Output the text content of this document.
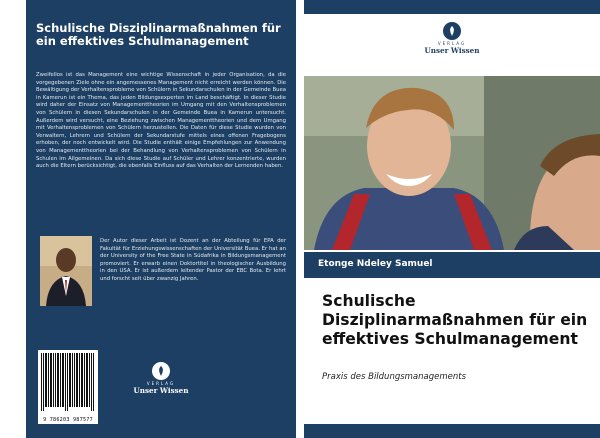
Schulische Disziplinarmaßnahmen für ein effektives Schulmanagement

Zweifellos ist das Management eine wichtige Wissenschaft in jeder Organisation, da die vorgegebenen Ziele ohne ein angemessenes Management nicht erreicht werden können. Die Bewältigung der Verhaltensprobleme von Schülern in Sekundarschulen in der Gemeinde Buea in Kamerun ist ein Thema, das jeden Bildungsexperten im Land beschäftigt. In dieser Studie wird daher der Einsatz von Managementtheorien im Umgang mit den Verhaltensproblemen von Schülern in diesen Sekundarschulen in der Gemeinde Buea in Kamerun untersucht. Außerdem wird versucht, eine Beziehung zwischen Managementtheorien und dem Umgang mit Verhaltensproblemen von Schülern herzustellen. Die Daten für diese Studie wurden von Verwaltern, Lehrern und Schülern der Sekundarstufe mittels eines offenen Fragebogens erhoben, der noch entwickelt wird. Die Studie enthält einige Empfehlungen zur Anwendung von Managementtheorien bei der Behandlung von Verhaltensproblemen von Schülern in Schulen im Allgemeinen. Da sich diese Studie auf Schüler und Lehrer konzentrierte, wurden auch die Eltern berücksichtigt, die ebenfalls Einfluss auf das Verhalten der Lernenden haben.

Der Autor dieser Arbeit ist Dozent an der Abteilung für EPA der Fakultät für Erziehungswissenschaften der Universität Buea. Er hat an der University of the Free State in Südafrika in Bildungsmanagement promoviert. Er erwarb einen Doktortitel in theologischer Ausbildung in den USA. Er ist außerdem leitender Pastor der EBC Bota. Er lehrt und forscht seit über zwanzig Jahren.

9 786203 987577
VERLAG
Unser Wissen
VERLAG
Unser Wissen
Etonge Ndeley Samuel
Schulische Disziplinarmaßnahmen für ein effektives Schulmanagement
Praxis des Bildungsmanagements
